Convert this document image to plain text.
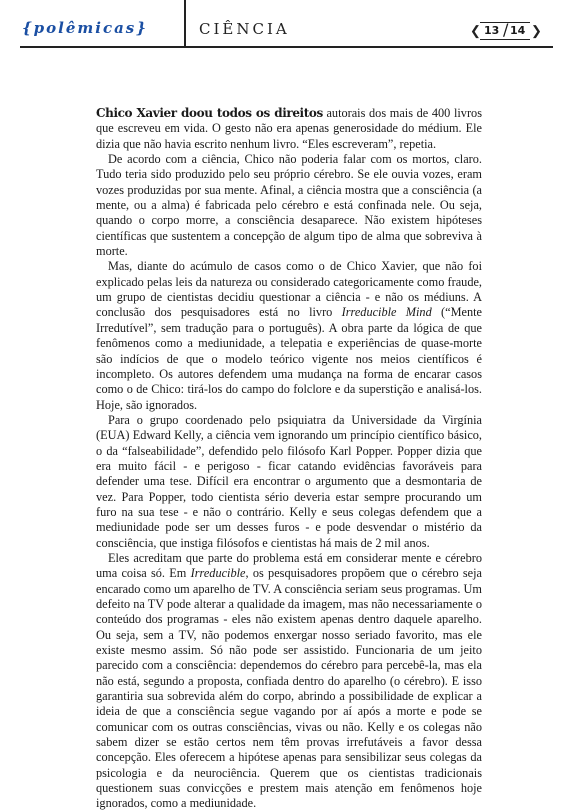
{polêmicas}	CIÊNCIA	❮ 13 / 14 ❯

Chico Xavier doou todos os direitos autorais dos mais de 400 livros que escreveu em vida. O gesto não era apenas generosidade do médium. Ele dizia que não havia escrito nenhum livro. “Eles escreveram”, repetia.

De acordo com a ciência, Chico não poderia falar com os mortos, claro. Tudo teria sido produzido pelo seu próprio cérebro. Se ele ouvia vozes, eram vozes produzidas por sua mente. Afinal, a ciência mostra que a consciência (a mente, ou a alma) é fabricada pelo cérebro e está confinada nele. Ou seja, quando o corpo morre, a consciência desaparece. Não existem hipóteses científicas que sustentem a concepção de algum tipo de alma que sobreviva à morte.

Mas, diante do acúmulo de casos como o de Chico Xavier, que não foi explicado pelas leis da natureza ou considerado categoricamente como fraude, um grupo de cientistas decidiu questionar a ciência - e não os médiuns. A conclusão dos pesquisadores está no livro Irreducible Mind (“Mente Irredutível”, sem tradução para o português). A obra parte da lógica de que fenômenos como a mediunidade, a telepatia e experiências de quase-morte são indícios de que o modelo teórico vigente nos meios científicos é incompleto. Os autores defendem uma mudança na forma de encarar casos como o de Chico: tirá-los do campo do folclore e da superstição e analisá-los. Hoje, são ignorados.

Para o grupo coordenado pelo psiquiatra da Universidade da Virgínia (EUA) Edward Kelly, a ciência vem ignorando um princípio científico básico, o da “falseabilidade”, defendido pelo filósofo Karl Popper. Popper dizia que era muito fácil - e perigoso - ficar catando evidências favoráveis para defender uma tese. Difícil era encontrar o argumento que a desmontaria de vez. Para Popper, todo cientista sério deveria estar sempre procurando um furo na sua tese - e não o contrário. Kelly e seus colegas defendem que a mediunidade pode ser um desses furos - e pode desvendar o mistério da consciência, que instiga filósofos e cientistas há mais de 2 mil anos.

Eles acreditam que parte do problema está em considerar mente e cérebro uma coisa só. Em Irreducible, os pesquisadores propõem que o cérebro seja encarado como um aparelho de TV. A consciência seriam seus programas. Um defeito na TV pode alterar a qualidade da imagem, mas não necessariamente o conteúdo dos programas - eles não existem apenas dentro daquele aparelho. Ou seja, sem a TV, não podemos enxergar nosso seriado favorito, mas ele existe mesmo assim. Só não pode ser assistido. Funcionaria de um jeito parecido com a consciência: dependemos do cérebro para percebê-la, mas ela não está, segundo a proposta, confiada dentro do aparelho (o cérebro). E isso garantiria sua sobrevida além do corpo, abrindo a possibilidade de explicar a ideia de que a consciência segue vagando por aí após a morte e pode se comunicar com os outras consciências, vivas ou não. Kelly e os colegas não sabem dizer se estão certos nem têm provas irrefutáveis a favor dessa concepção. Eles oferecem a hipótese apenas para sensibilizar seus colegas da psicologia e da neurociência. Querem que os cientistas tradicionais questionem suas convicções e prestem mais atenção em fenômenos hoje ignorados, como a mediunidade.
